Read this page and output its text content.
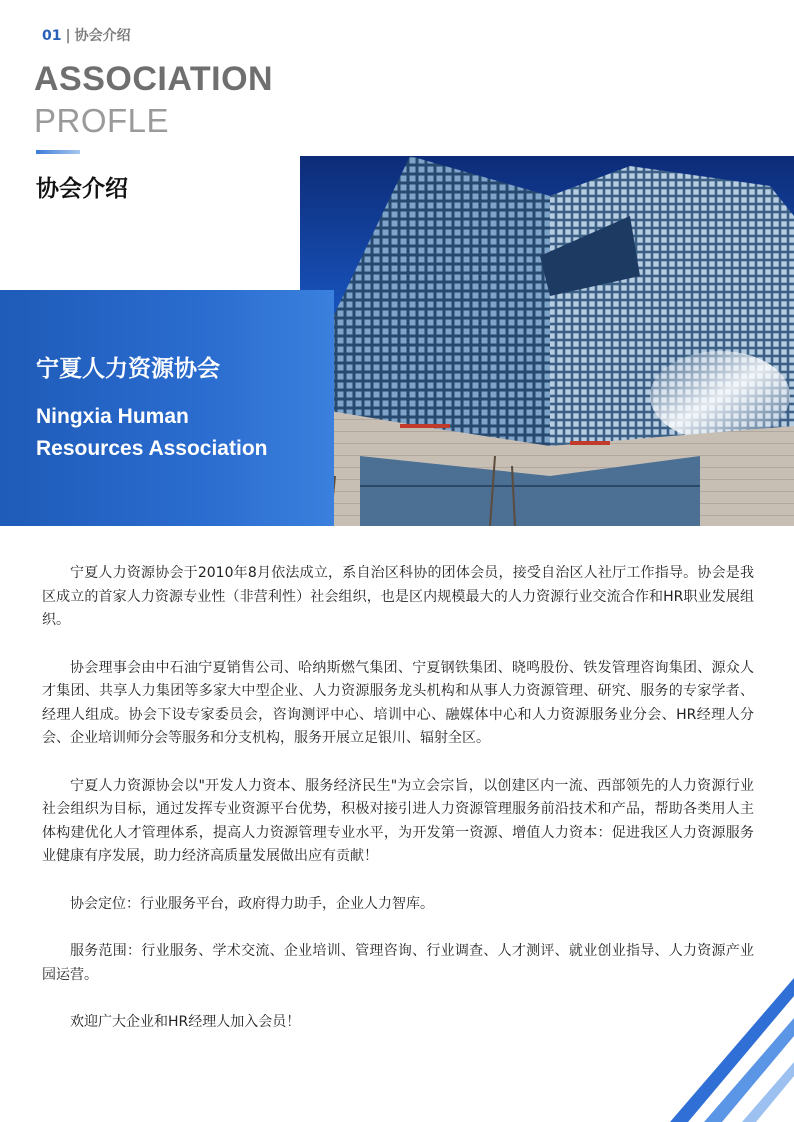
01 | 协会介绍
ASSOCIATION
PROFLE
协会介绍
宁夏人力资源协会
Ningxia Human
Resources Association

宁夏人力资源协会于2010年8月依法成立，系自治区科协的团体会员，接受自治区人社厅工作指导。协会是我区成立的首家人力资源专业性（非营利性）社会组织，也是区内规模最大的人力资源行业交流合作和HR职业发展组织。

协会理事会由中石油宁夏销售公司、哈纳斯燃气集团、宁夏钢铁集团、晓鸣股份、铁发管理咨询集团、源众人才集团、共享人力集团等多家大中型企业、人力资源服务龙头机构和从事人力资源管理、研究、服务的专家学者、经理人组成。协会下设专家委员会，咨询测评中心、培训中心、融媒体中心和人力资源服务业分会、HR经理人分会、企业培训师分会等服务和分支机构，服务开展立足银川、辐射全区。

宁夏人力资源协会以"开发人力资本、服务经济民生"为立会宗旨，以创建区内一流、西部领先的人力资源行业社会组织为目标，通过发挥专业资源平台优势，积极对接引进人力资源管理服务前沿技术和产品，帮助各类用人主体构建优化人才管理体系，提高人力资源管理专业水平，为开发第一资源、增值人力资本：促进我区人力资源服务业健康有序发展，助力经济高质量发展做出应有贡献！

协会定位：行业服务平台，政府得力助手，企业人力智库。

服务范围：行业服务、学术交流、企业培训、管理咨询、行业调查、人才测评、就业创业指导、人力资源产业园运营。

欢迎广大企业和HR经理人加入会员！
